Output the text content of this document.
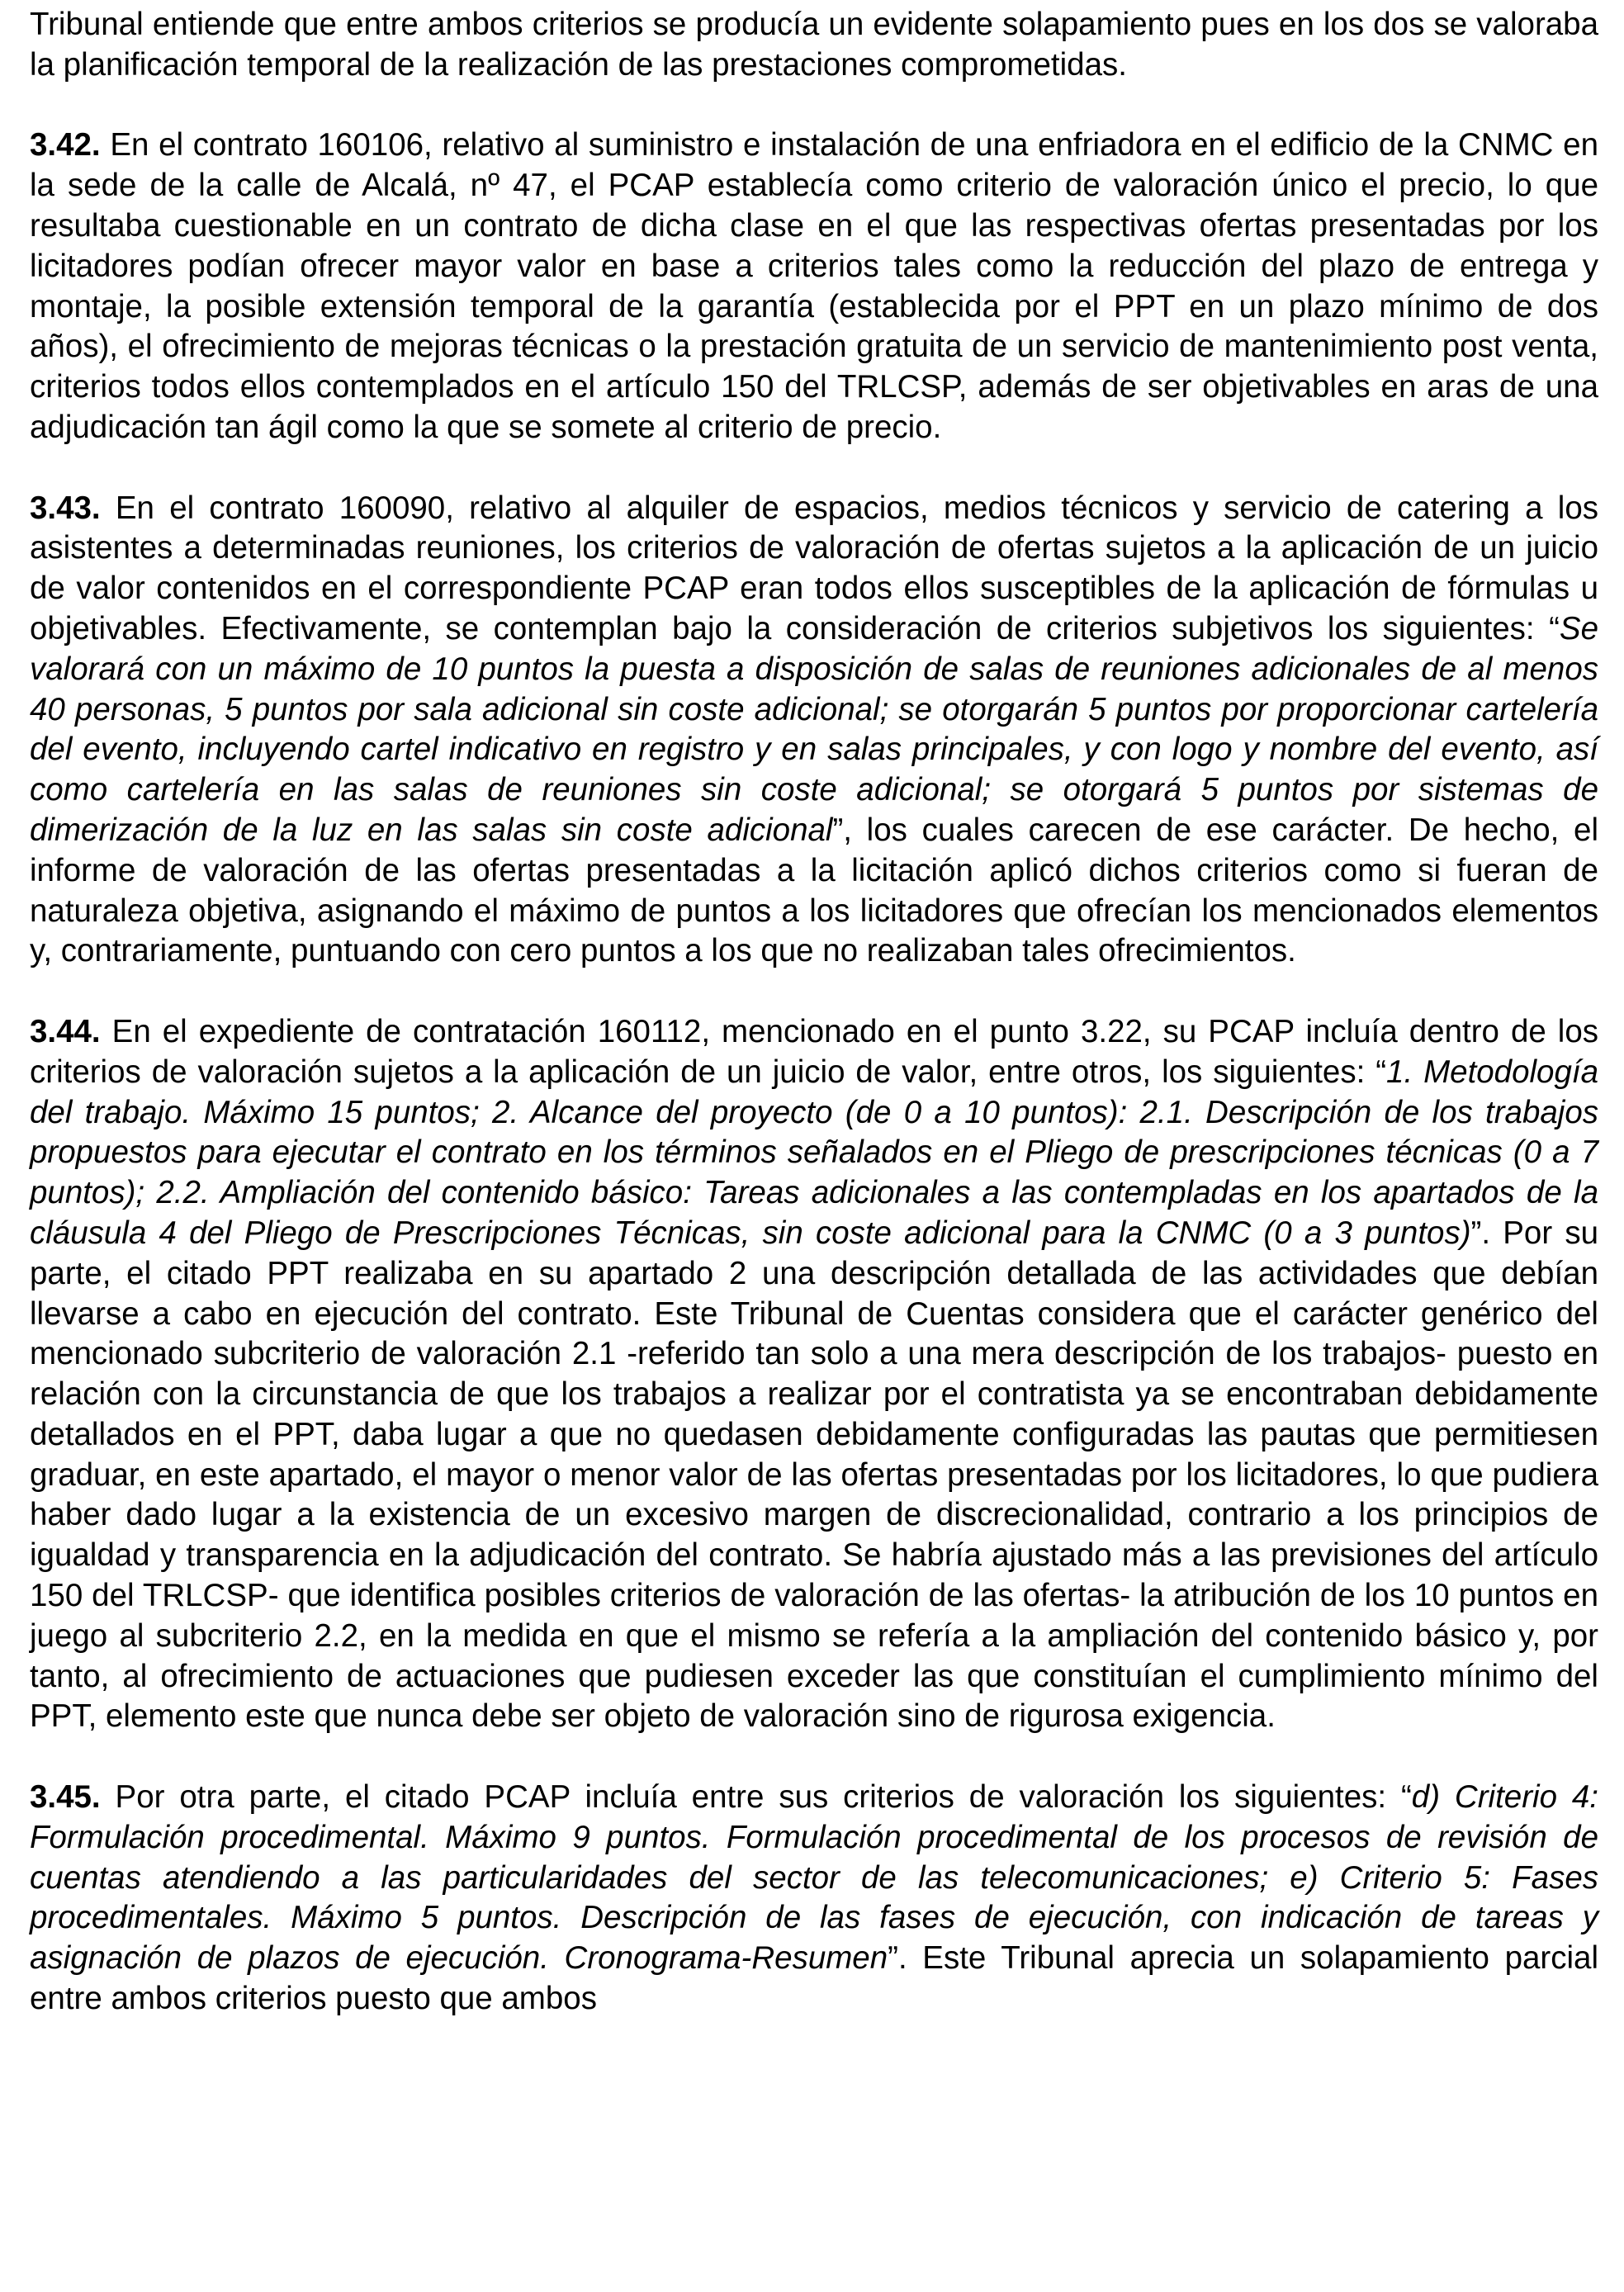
Tribunal entiende que entre ambos criterios se producía un evidente solapamiento pues en los dos se valoraba la planificación temporal de la realización de las prestaciones comprometidas.

3.42. En el contrato 160106, relativo al suministro e instalación de una enfriadora en el edificio de la CNMC en la sede de la calle de Alcalá, nº 47, el PCAP establecía como criterio de valoración único el precio, lo que resultaba cuestionable en un contrato de dicha clase en el que las respectivas ofertas presentadas por los licitadores podían ofrecer mayor valor en base a criterios tales como la reducción del plazo de entrega y montaje, la posible extensión temporal de la garantía (establecida por el PPT en un plazo mínimo de dos años), el ofrecimiento de mejoras técnicas o la prestación gratuita de un servicio de mantenimiento post venta, criterios todos ellos contemplados en el artículo 150 del TRLCSP, además de ser objetivables en aras de una adjudicación tan ágil como la que se somete al criterio de precio.

3.43. En el contrato 160090, relativo al alquiler de espacios, medios técnicos y servicio de catering a los asistentes a determinadas reuniones, los criterios de valoración de ofertas sujetos a la aplicación de un juicio de valor contenidos en el correspondiente PCAP eran todos ellos susceptibles de la aplicación de fórmulas u objetivables. Efectivamente, se contemplan bajo la consideración de criterios subjetivos los siguientes: “Se valorará con un máximo de 10 puntos la puesta a disposición de salas de reuniones adicionales de al menos 40 personas, 5 puntos por sala adicional sin coste adicional; se otorgarán 5 puntos por proporcionar cartelería del evento, incluyendo cartel indicativo en registro y en salas principales, y con logo y nombre del evento, así como cartelería en las salas de reuniones sin coste adicional; se otorgará 5 puntos por sistemas de dimerización de la luz en las salas sin coste adicional”, los cuales carecen de ese carácter. De hecho, el informe de valoración de las ofertas presentadas a la licitación aplicó dichos criterios como si fueran de naturaleza objetiva, asignando el máximo de puntos a los licitadores que ofrecían los mencionados elementos y, contrariamente, puntuando con cero puntos a los que no realizaban tales ofrecimientos.

3.44. En el expediente de contratación 160112, mencionado en el punto 3.22, su PCAP incluía dentro de los criterios de valoración sujetos a la aplicación de un juicio de valor, entre otros, los siguientes: “1. Metodología del trabajo. Máximo 15 puntos; 2. Alcance del proyecto (de 0 a 10 puntos): 2.1. Descripción de los trabajos propuestos para ejecutar el contrato en los términos señalados en el Pliego de prescripciones técnicas (0 a 7 puntos); 2.2. Ampliación del contenido básico: Tareas adicionales a las contempladas en los apartados de la cláusula 4 del Pliego de Prescripciones Técnicas, sin coste adicional para la CNMC (0 a 3 puntos)”. Por su parte, el citado PPT realizaba en su apartado 2 una descripción detallada de las actividades que debían llevarse a cabo en ejecución del contrato. Este Tribunal de Cuentas considera que el carácter genérico del mencionado subcriterio de valoración 2.1 -referido tan solo a una mera descripción de los trabajos- puesto en relación con la circunstancia de que los trabajos a realizar por el contratista ya se encontraban debidamente detallados en el PPT, daba lugar a que no quedasen debidamente configuradas las pautas que permitiesen graduar, en este apartado, el mayor o menor valor de las ofertas presentadas por los licitadores, lo que pudiera haber dado lugar a la existencia de un excesivo margen de discrecionalidad, contrario a los principios de igualdad y transparencia en la adjudicación del contrato. Se habría ajustado más a las previsiones del artículo 150 del TRLCSP- que identifica posibles criterios de valoración de las ofertas- la atribución de los 10 puntos en juego al subcriterio 2.2, en la medida en que el mismo se refería a la ampliación del contenido básico y, por tanto, al ofrecimiento de actuaciones que pudiesen exceder las que constituían el cumplimiento mínimo del PPT, elemento este que nunca debe ser objeto de valoración sino de rigurosa exigencia.

3.45. Por otra parte, el citado PCAP incluía entre sus criterios de valoración los siguientes: “d) Criterio 4: Formulación procedimental. Máximo 9 puntos. Formulación procedimental de los procesos de revisión de cuentas atendiendo a las particularidades del sector de las telecomunicaciones; e) Criterio 5: Fases procedimentales. Máximo 5 puntos. Descripción de las fases de ejecución, con indicación de tareas y asignación de plazos de ejecución. Cronograma-Resumen”. Este Tribunal aprecia un solapamiento parcial entre ambos criterios puesto que ambos
